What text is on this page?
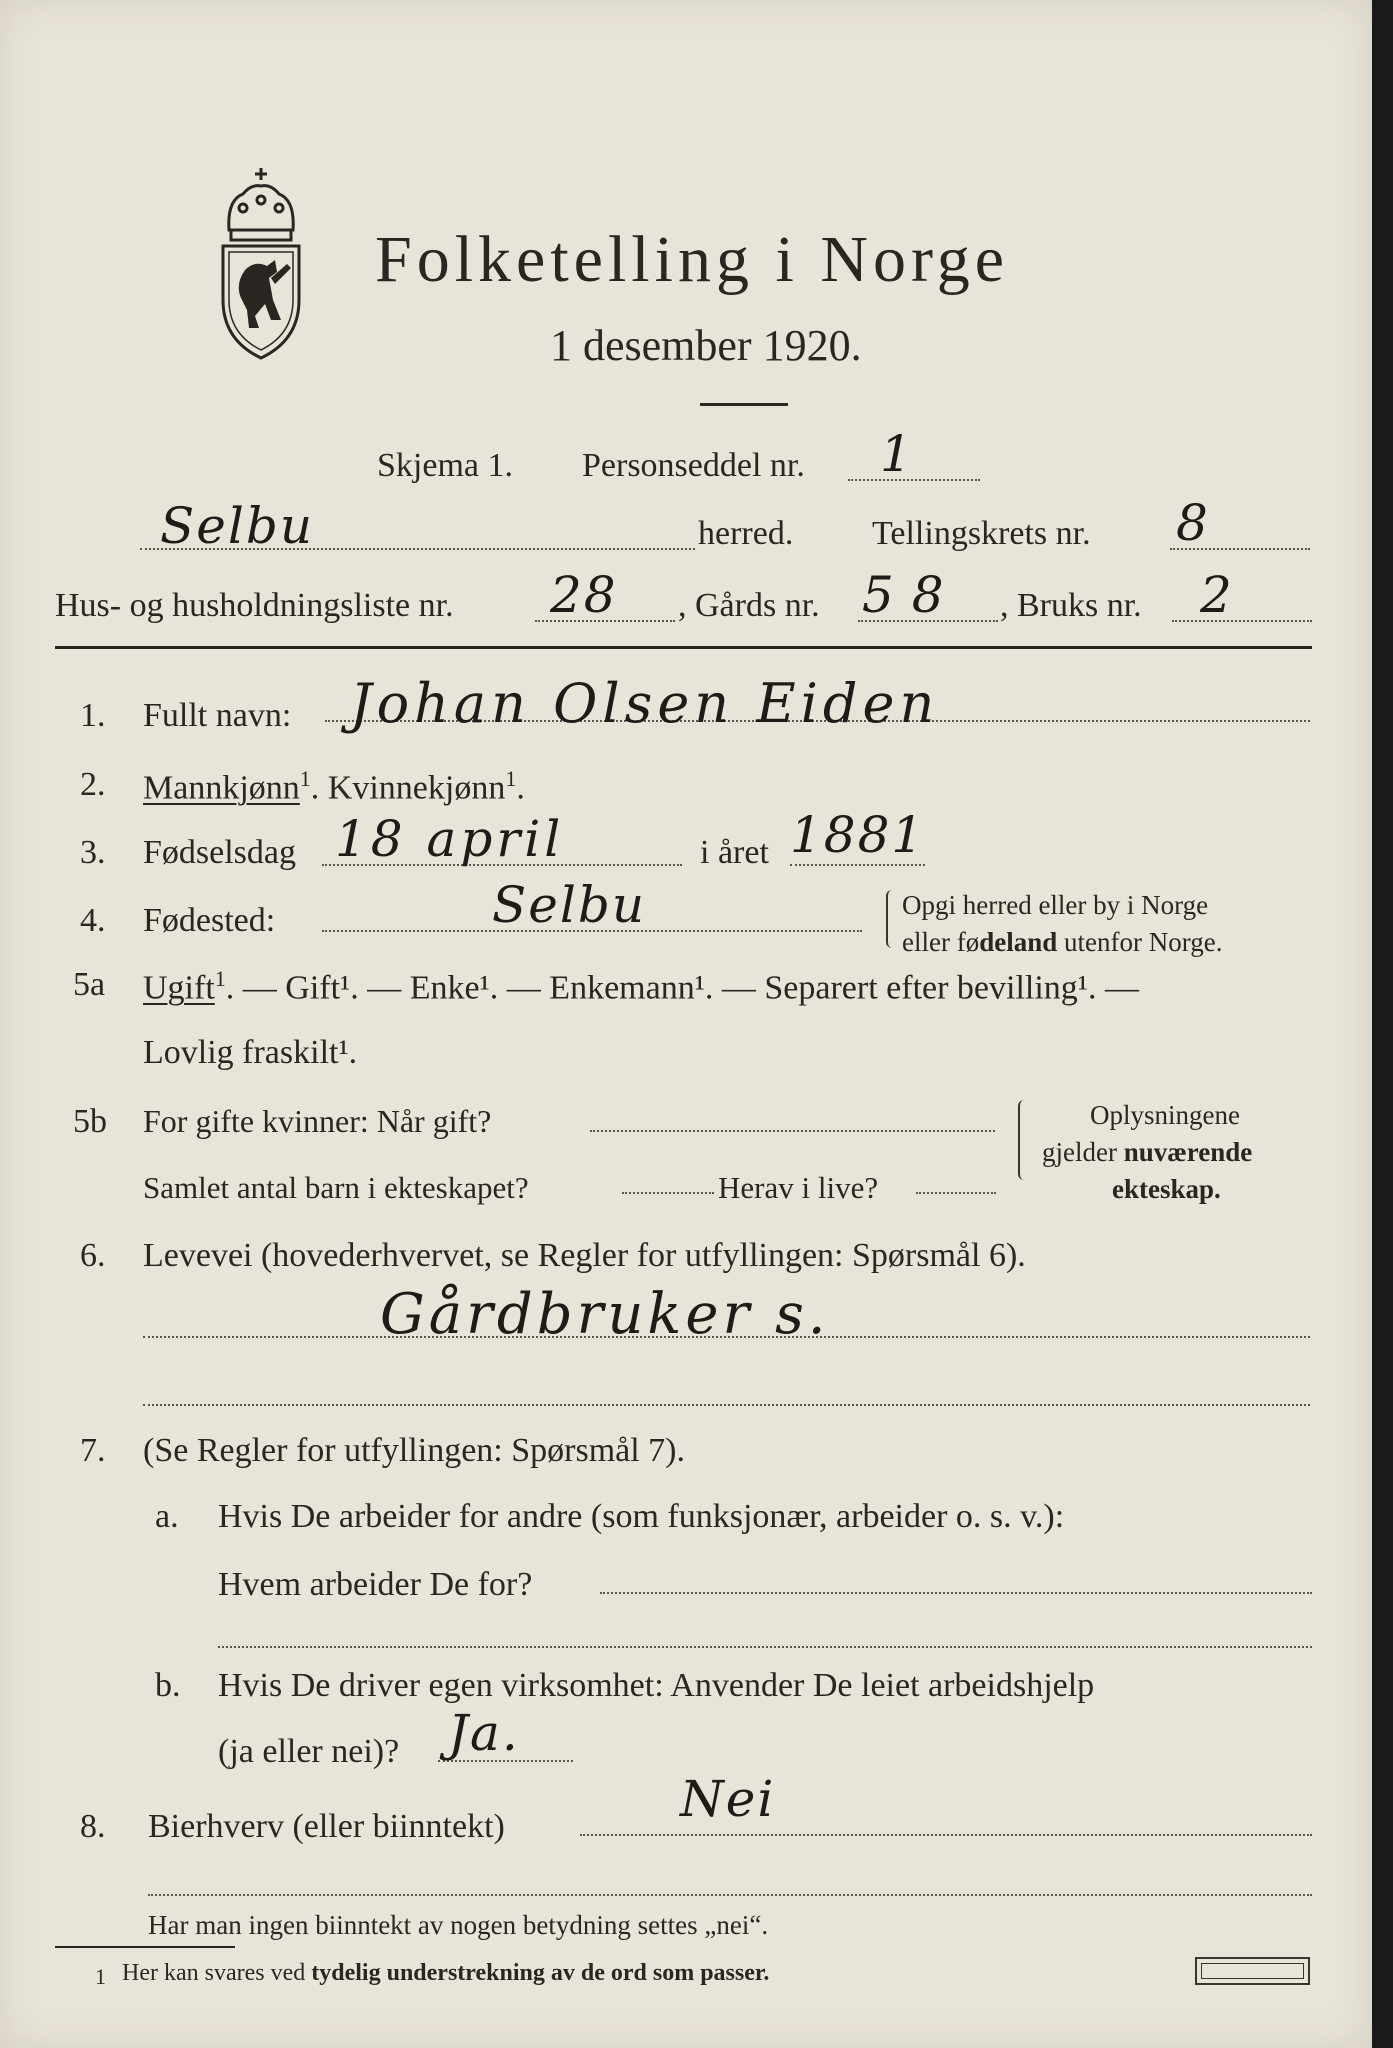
Folketelling i Norge
1 desember 1920.
Skjema 1. Personseddel nr. 1
Selbu	herred. Tellingskrets nr. 8
Hus- og husholdningsliste nr. 28 , Gårds nr. 58 , Bruks nr. 2
1. Fullt navn: Johan Olsen Eiden
2. Mannkjønn$^1$. Kvinnekjønn$^1$.
3. Fødselsdag 18 april	i året 1881
4. Fødested:	Selbu	Opgi herred eller by i Norge
eller fødeland utenfor Norge.
5a Ugift$^1$. — Gift¹. — Enke¹. — Enkemann¹. — Separert efter bevilling¹. —
Lovlig fraskilt¹.
5b For gifte kvinner: Når gift?
Samlet antal barn i ekteskapet?	Herav i live?
Oplysningene
gjelder nuværende
ekteskap.
6. Levevei (hovederhvervet, se Regler for utfyllingen: Spørsmål 6).
Gårdbruker s.
7. (Se Regler for utfyllingen: Spørsmål 7).
a. Hvis De arbeider for andre (som funksjonær, arbeider o. s. v.):
Hvem arbeider De for?
b. Hvis De driver egen virksomhet: Anvender De leiet arbeidshjelp
(ja eller nei)? Ja.
8. Bierhverv (eller biinntekt)	Nei
Har man ingen biinntekt av nogen betydning settes „nei“.
1 Her kan svares ved tydelig understrekning av de ord som passer.
